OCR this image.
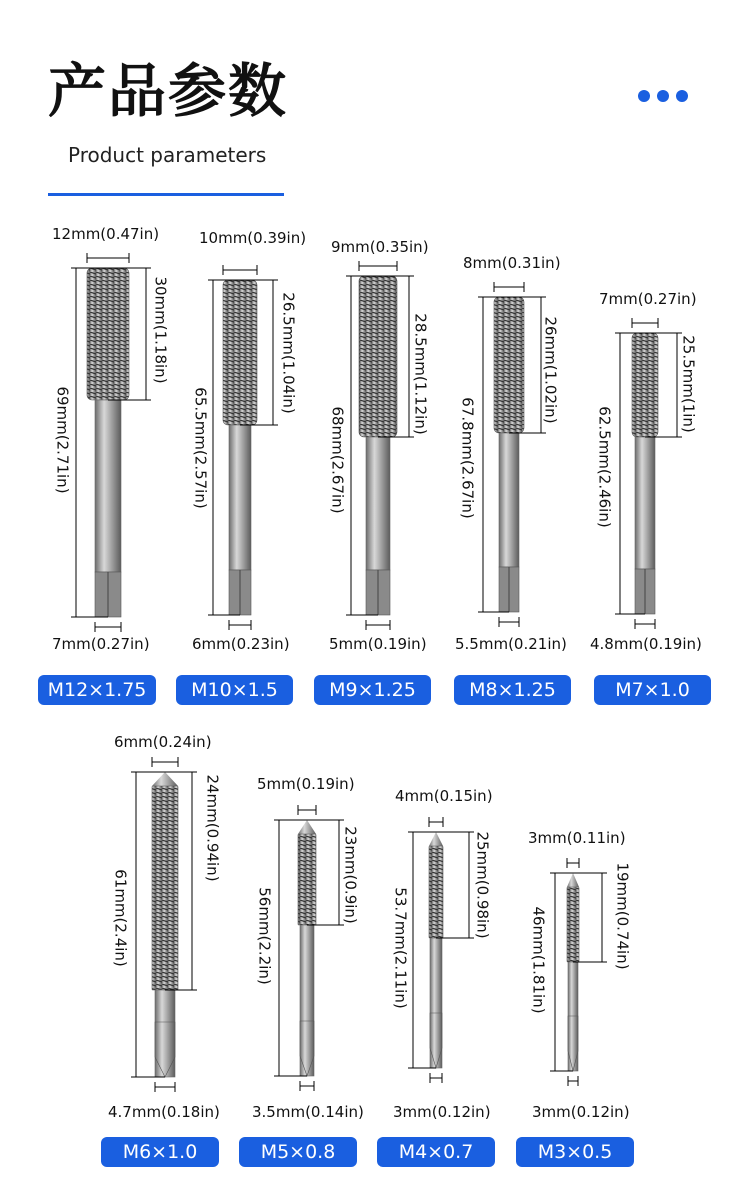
产品参数
Product parameters
12mm(0.47in)
30mm(1.18in)
69mm(2.71in)
7mm(0.27in)
M12×1.75
10mm(0.39in)
26.5mm(1.04in)
65.5mm(2.57in)
6mm(0.23in)
M10×1.5
9mm(0.35in)
28.5mm(1.12in)
68mm(2.67in)
5mm(0.19in)
M9×1.25
8mm(0.31in)
26mm(1.02in)
67.8mm(2.67in)
5.5mm(0.21in)
M8×1.25
7mm(0.27in)
25.5mm(1in)
62.5mm(2.46in)
4.8mm(0.19in)
M7×1.0
6mm(0.24in)
24mm(0.94in)
61mm(2.4in)
4.7mm(0.18in)
M6×1.0
5mm(0.19in)
23mm(0.9in)
56mm(2.2in)
3.5mm(0.14in)
M5×0.8
4mm(0.15in)
25mm(0.98in)
53.7mm(2.11in)
3mm(0.12in)
M4×0.7
3mm(0.11in)
19mm(0.74in)
46mm(1.81in)
3mm(0.12in)
M3×0.5
